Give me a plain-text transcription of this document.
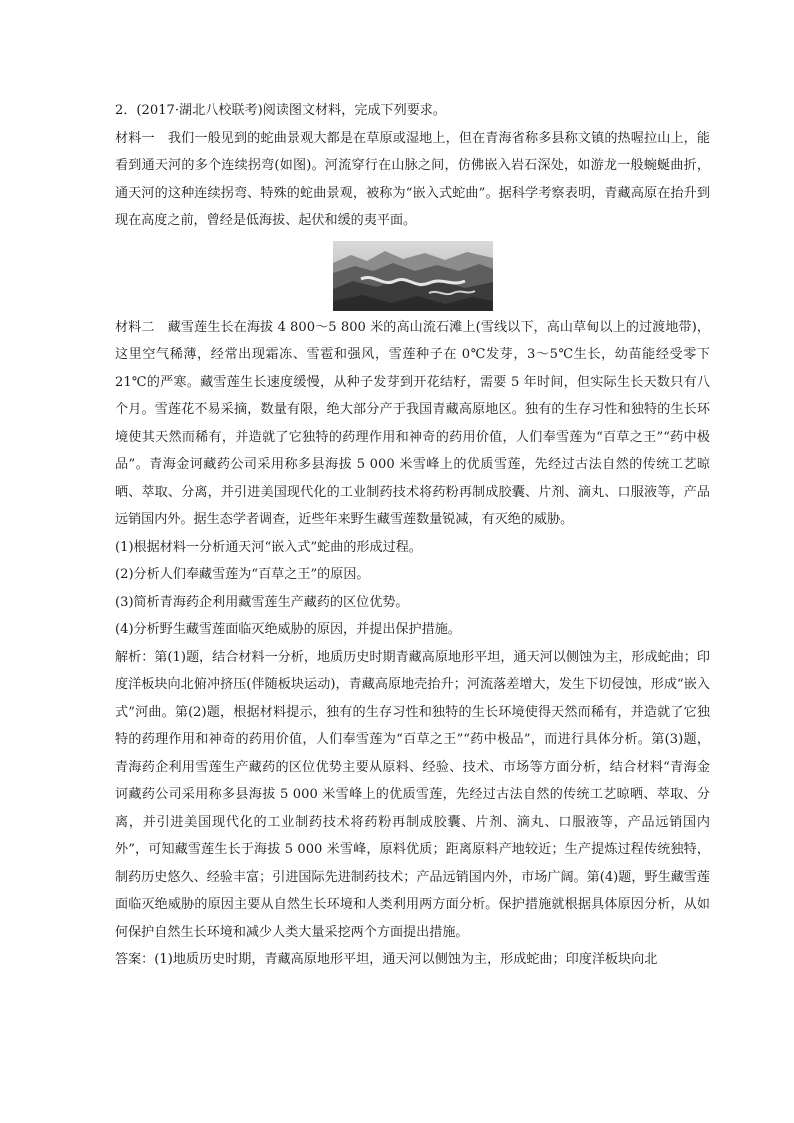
2．(2017·湖北八校联考)阅读图文材料，完成下列要求。

材料一　我们一般见到的蛇曲景观大都是在草原或湿地上，但在青海省称多县称文镇的热喔拉山上，能看到通天河的多个连续拐弯(如图)。河流穿行在山脉之间，仿佛嵌入岩石深处，如游龙一般蜿蜒曲折，通天河的这种连续拐弯、特殊的蛇曲景观，被称为“嵌入式蛇曲”。据科学考察表明，青藏高原在抬升到现在高度之前，曾经是低海拔、起伏和缓的夷平面。

材料二　藏雪莲生长在海拔 4 800～5 800 米的高山流石滩上(雪线以下，高山草甸以上的过渡地带)，这里空气稀薄，经常出现霜冻、雪雹和强风，雪莲种子在 0℃发芽，3～5℃生长，幼苗能经受零下 21℃的严寒。藏雪莲生长速度缓慢，从种子发芽到开花结籽，需要 5 年时间，但实际生长天数只有八个月。雪莲花不易采摘，数量有限，绝大部分产于我国青藏高原地区。独有的生存习性和独特的生长环境使其天然而稀有，并造就了它独特的药理作用和神奇的药用价值，人们奉雪莲为“百草之王”“药中极品”。青海金诃藏药公司采用称多县海拔 5 000 米雪峰上的优质雪莲，先经过古法自然的传统工艺晾晒、萃取、分离，并引进美国现代化的工业制药技术将药粉再制成胶囊、片剂、滴丸、口服液等，产品远销国内外。据生态学者调查，近些年来野生藏雪莲数量锐减，有灭绝的威胁。

(1)根据材料一分析通天河“嵌入式”蛇曲的形成过程。

(2)分析人们奉藏雪莲为“百草之王”的原因。

(3)简析青海药企利用藏雪莲生产藏药的区位优势。

(4)分析野生藏雪莲面临灭绝威胁的原因，并提出保护措施。

解析：第(1)题，结合材料一分析，地质历史时期青藏高原地形平坦，通天河以侧蚀为主，形成蛇曲；印度洋板块向北俯冲挤压(伴随板块运动)，青藏高原地壳抬升；河流落差增大，发生下切侵蚀，形成“嵌入式”河曲。第(2)题，根据材料提示，独有的生存习性和独特的生长环境使得天然而稀有，并造就了它独特的药理作用和神奇的药用价值，人们奉雪莲为“百草之王”“药中极品”，而进行具体分析。第(3)题，青海药企利用雪莲生产藏药的区位优势主要从原料、经验、技术、市场等方面分析，结合材料“青海金诃藏药公司采用称多县海拔 5 000 米雪峰上的优质雪莲，先经过古法自然的传统工艺晾晒、萃取、分离，并引进美国现代化的工业制药技术将药粉再制成胶囊、片剂、滴丸、口服液等，产品远销国内外”，可知藏雪莲生长于海拔 5 000 米雪峰，原料优质；距离原料产地较近；生产提炼过程传统独特，制药历史悠久、经验丰富；引进国际先进制药技术；产品远销国内外，市场广阔。第(4)题，野生藏雪莲面临灭绝威胁的原因主要从自然生长环境和人类利用两方面分析。保护措施就根据具体原因分析，从如何保护自然生长环境和减少人类大量采挖两个方面提出措施。

答案：(1)地质历史时期，青藏高原地形平坦，通天河以侧蚀为主，形成蛇曲；印度洋板块向北
